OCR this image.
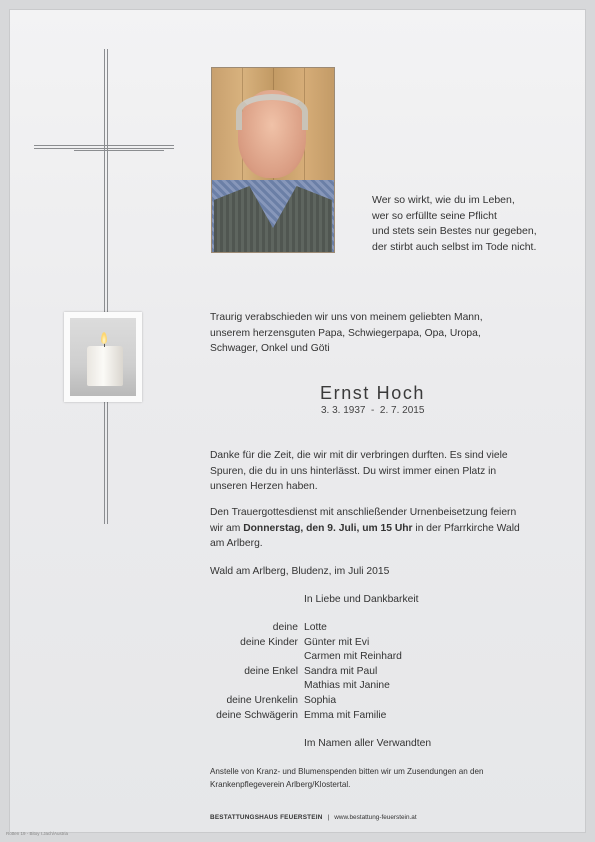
Wer so wirkt, wie du im Leben,
wer so erfüllte seine Pflicht
und stets sein Bestes nur gegeben,
der stirbt auch selbst im Tode nicht.
Traurig verabschieden wir uns von meinem geliebten Mann,
unserem herzensguten Papa, Schwiegerpapa, Opa, Uropa,
Schwager, Onkel und Göti
Ernst Hoch
3. 3. 1937  -  2. 7. 2015
Danke für die Zeit, die wir mit dir verbringen durften. Es sind viele
Spuren, die du in uns hinterlässt. Du wirst immer einen Platz in
unseren Herzen haben.
Den Trauergottesdienst mit anschließender Urnenbeisetzung feiern
wir am Donnerstag, den 9. Juli, um 15 Uhr in der Pfarrkirche Wald
am Arlberg.
Wald am Arlberg, Bludenz, im Juli 2015
In Liebe und Dankbarkeit
deine Lotte
deine Kinder Günter mit Evi
Carmen mit Reinhard
deine Enkel Sandra mit Paul
Mathias mit Janine
deine Urenkelin Sophia
deine Schwägerin Emma mit Familie
Im Namen aller Verwandten
Anstelle von Kranz- und Blumenspenden bitten wir um Zusendungen an den
Krankenpflegeverein Arlberg/Klostertal.
BESTATTUNGSHAUS FEUERSTEIN | www.bestattung-feuerstein.at
Rotten 19 - Bitoy I.Jach/Austria
